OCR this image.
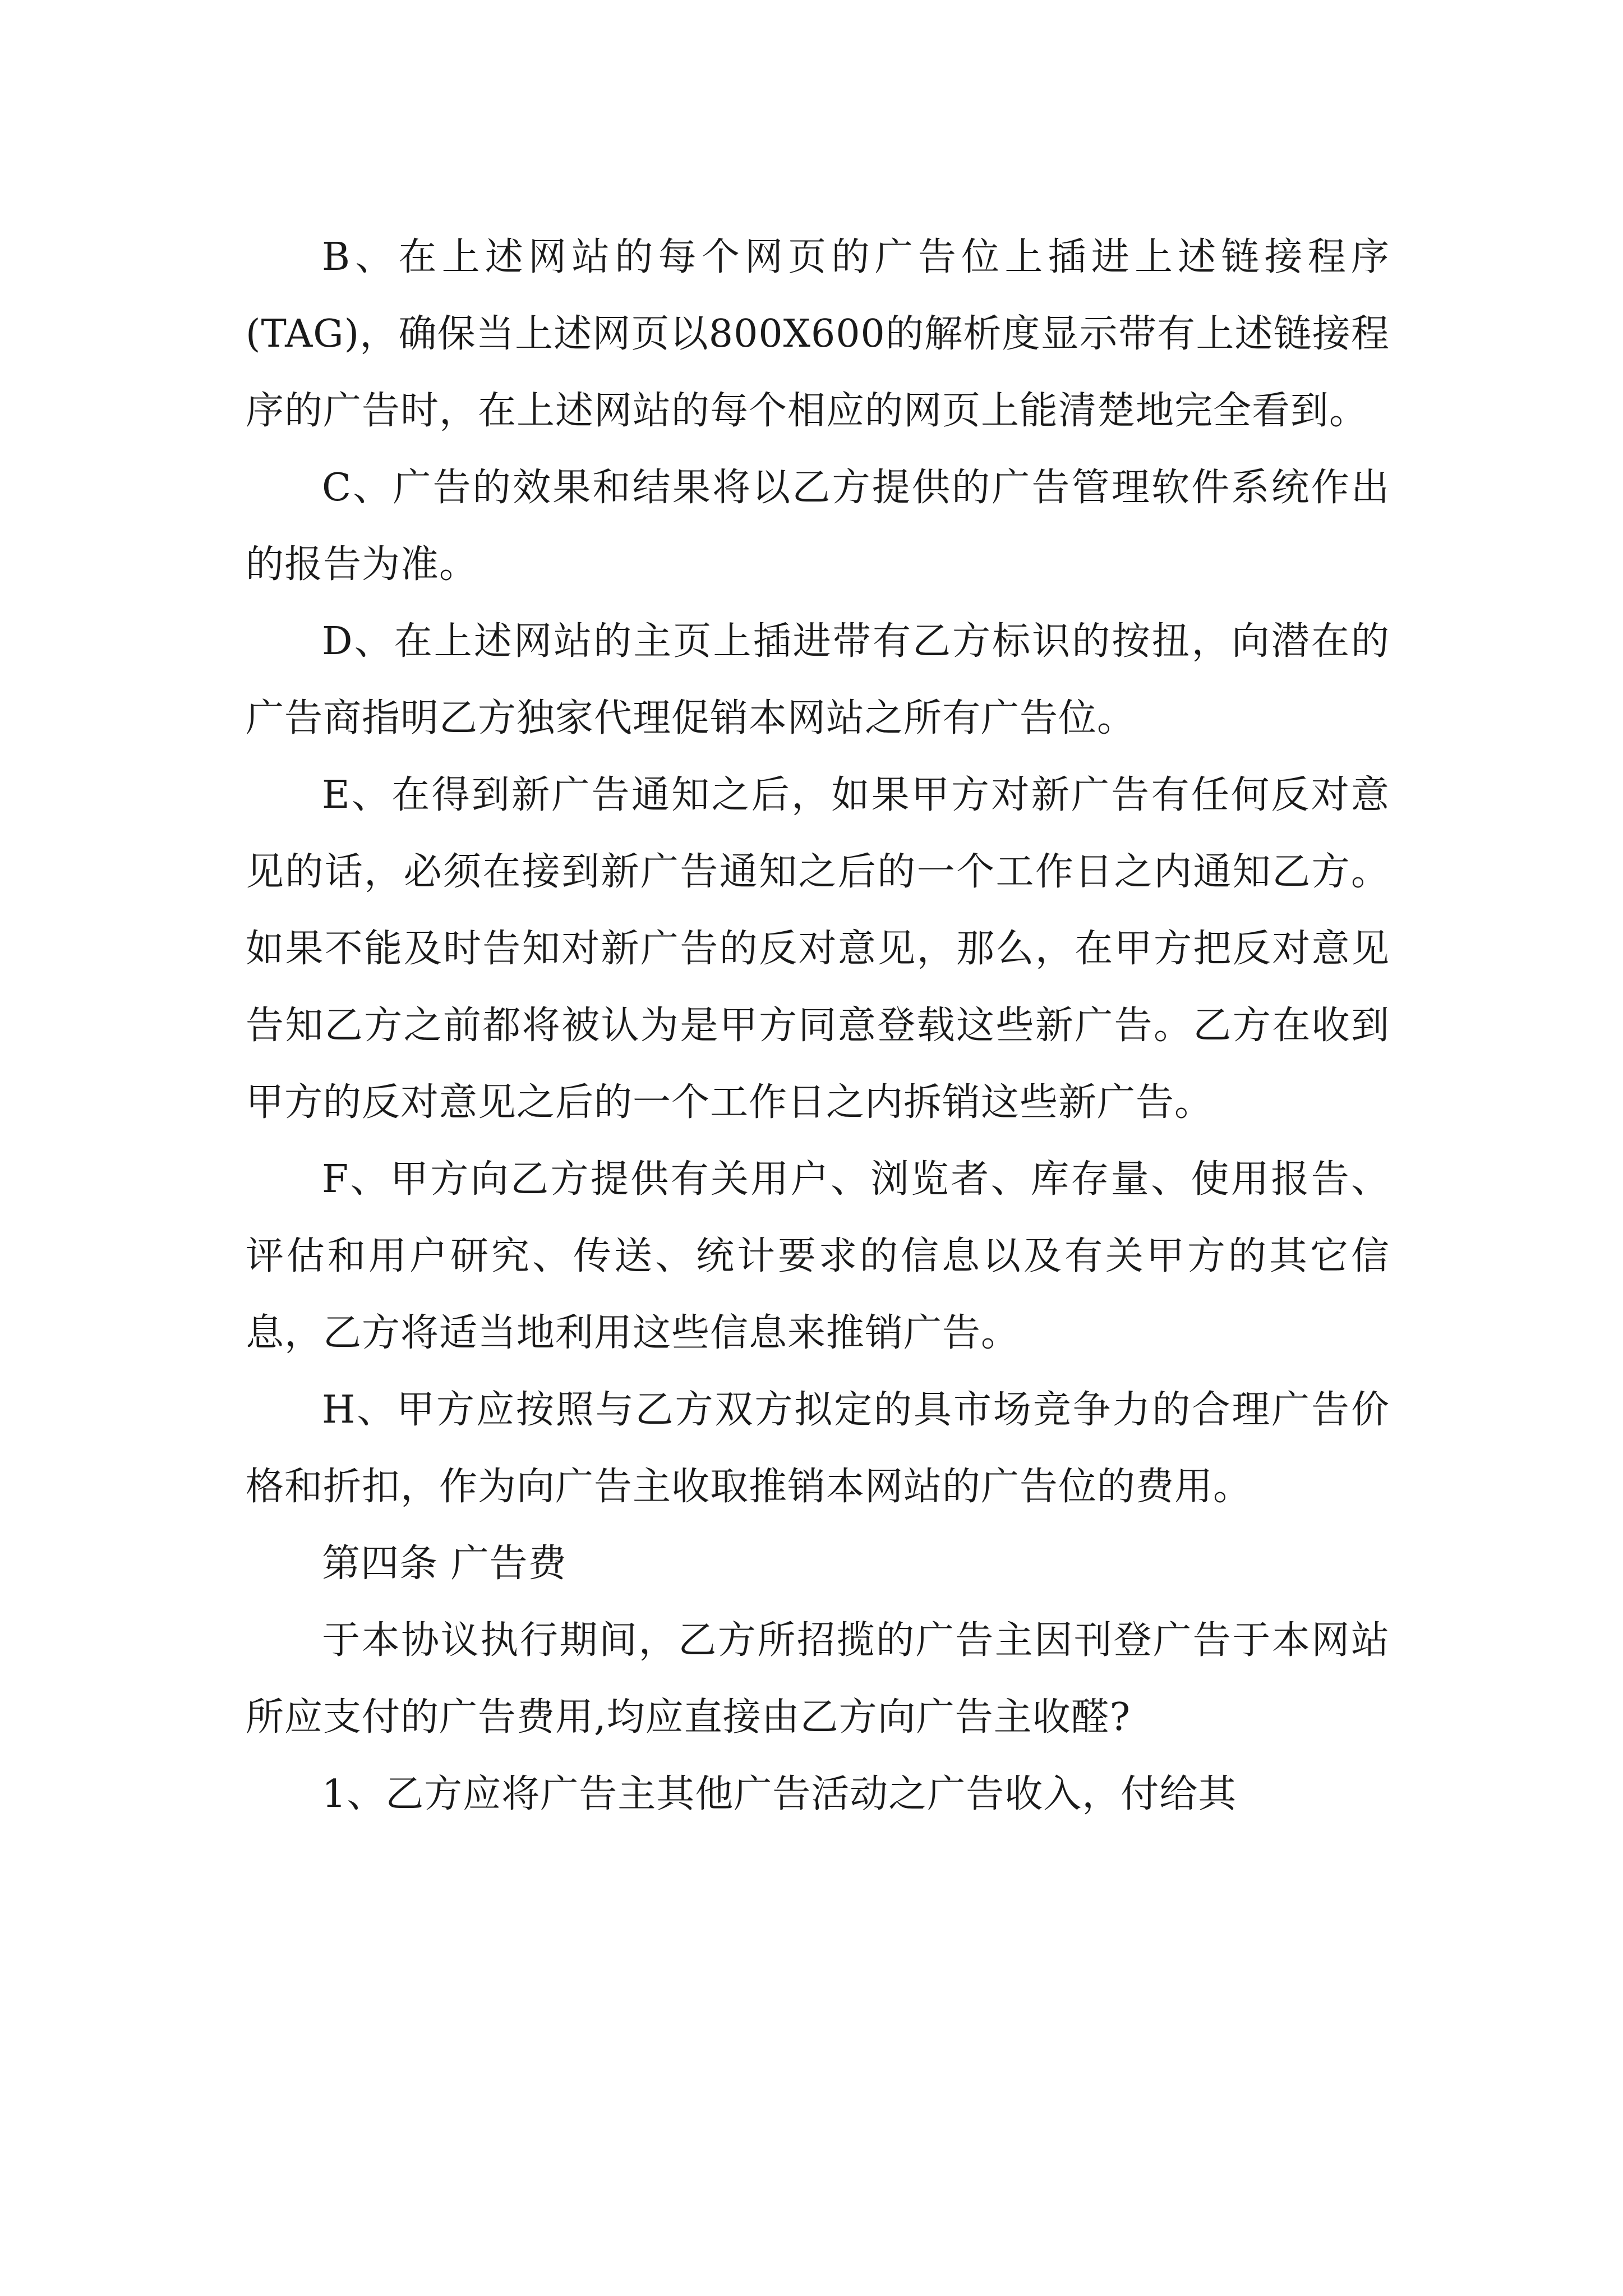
B、在上述网站的每个网页的广告位上插进上述链接程序(TAG)，确保当上述网页以800X600的解析度显示带有上述链接程序的广告时，在上述网站的每个相应的网页上能清楚地完全看到。

C、广告的效果和结果将以乙方提供的广告管理软件系统作出的报告为准。

D、在上述网站的主页上插进带有乙方标识的按扭，向潜在的广告商指明乙方独家代理促销本网站之所有广告位。

E、在得到新广告通知之后，如果甲方对新广告有任何反对意见的话，必须在接到新广告通知之后的一个工作日之内通知乙方。如果不能及时告知对新广告的反对意见，那么，在甲方把反对意见告知乙方之前都将被认为是甲方同意登载这些新广告。乙方在收到甲方的反对意见之后的一个工作日之内拆销这些新广告。

F、甲方向乙方提供有关用户、浏览者、库存量、使用报告、评估和用户研究、传送、统计要求的信息以及有关甲方的其它信息，乙方将适当地利用这些信息来推销广告。

H、甲方应按照与乙方双方拟定的具市场竞争力的合理广告价格和折扣，作为向广告主收取推销本网站的广告位的费用。

第四条 广告费

于本协议执行期间，乙方所招揽的广告主因刊登广告于本网站所应支付的广告费用,均应直接由乙方向广告主收醛?

1、乙方应将广告主其他广告活动之广告收入，付给其
